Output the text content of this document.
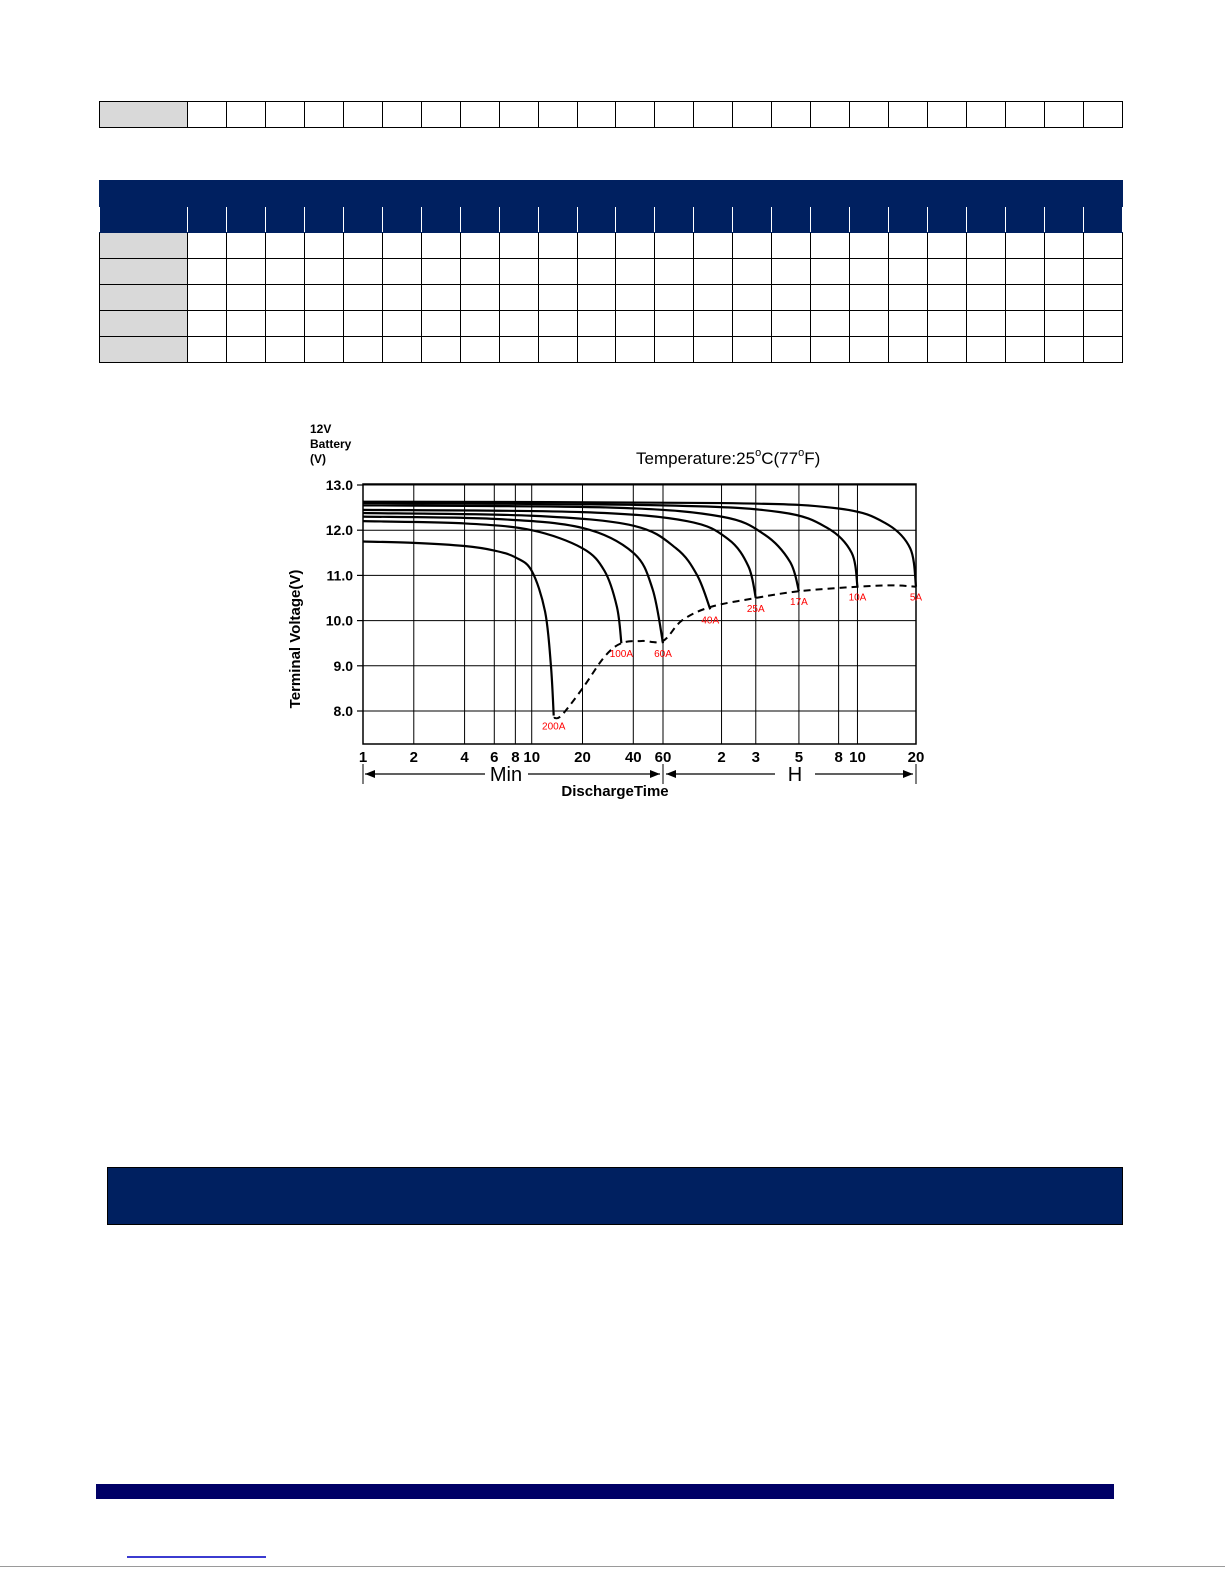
12V
Battery
(V)	Temperature:25$^o$C(77$^o$F)
200A
100A 60A
40A
25A
17A	10A	5A
13.0
12.0
11.0
10.0
9.0
8.0
1	2	4 6 8 10 20 40 60	2 3 5 8 10	20
Min	H
DischargeTime
Terminal Voltage(V)
